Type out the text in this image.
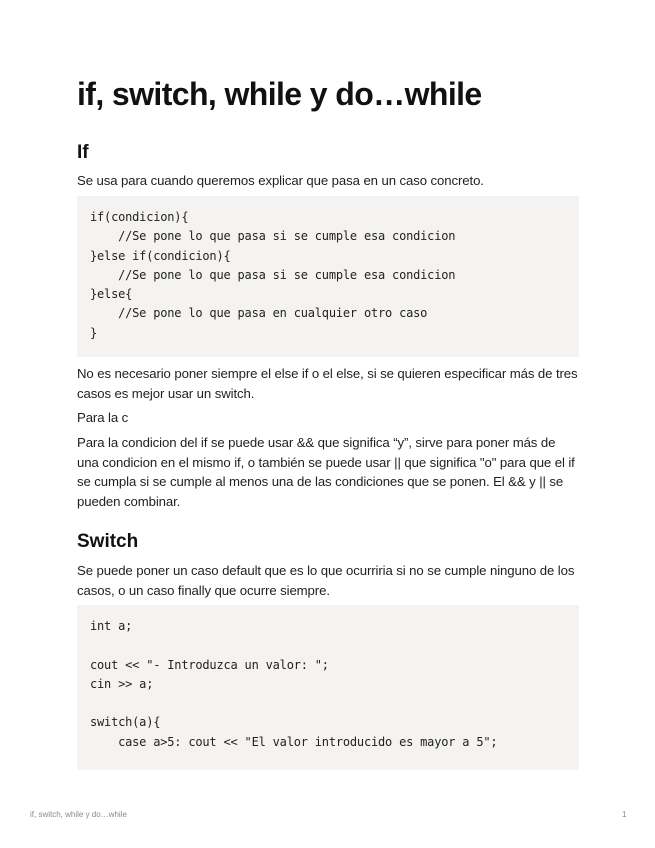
if, switch, while y do…while
If
Se usa para cuando queremos explicar que pasa en un caso concreto.
if(condicion){
//Se pone lo que pasa si se cumple esa condicion
}else if(condicion){
//Se pone lo que pasa si se cumple esa condicion
}else{
//Se pone lo que pasa en cualquier otro caso
}
No es necesario poner siempre el else if o el else, si se quieren especificar más de tres casos es mejor usar un switch.
Para la c
Para la condicion del if se puede usar && que significa “y”, sirve para poner más de una condicion en el mismo if, o también se puede usar || que significa "o" para que el if se cumpla si se cumple al menos una de las condiciones que se ponen. El && y || se pueden combinar.
Switch
Se puede poner un caso default que es lo que ocurriria si no se cumple ninguno de los casos, o un caso finally que ocurre siempre.
int a;
cout << "- Introduzca un valor: ";
cin >> a;
switch(a){
case a>5: cout << "El valor introducido es mayor a 5";
if, switch, while y do…while	1
